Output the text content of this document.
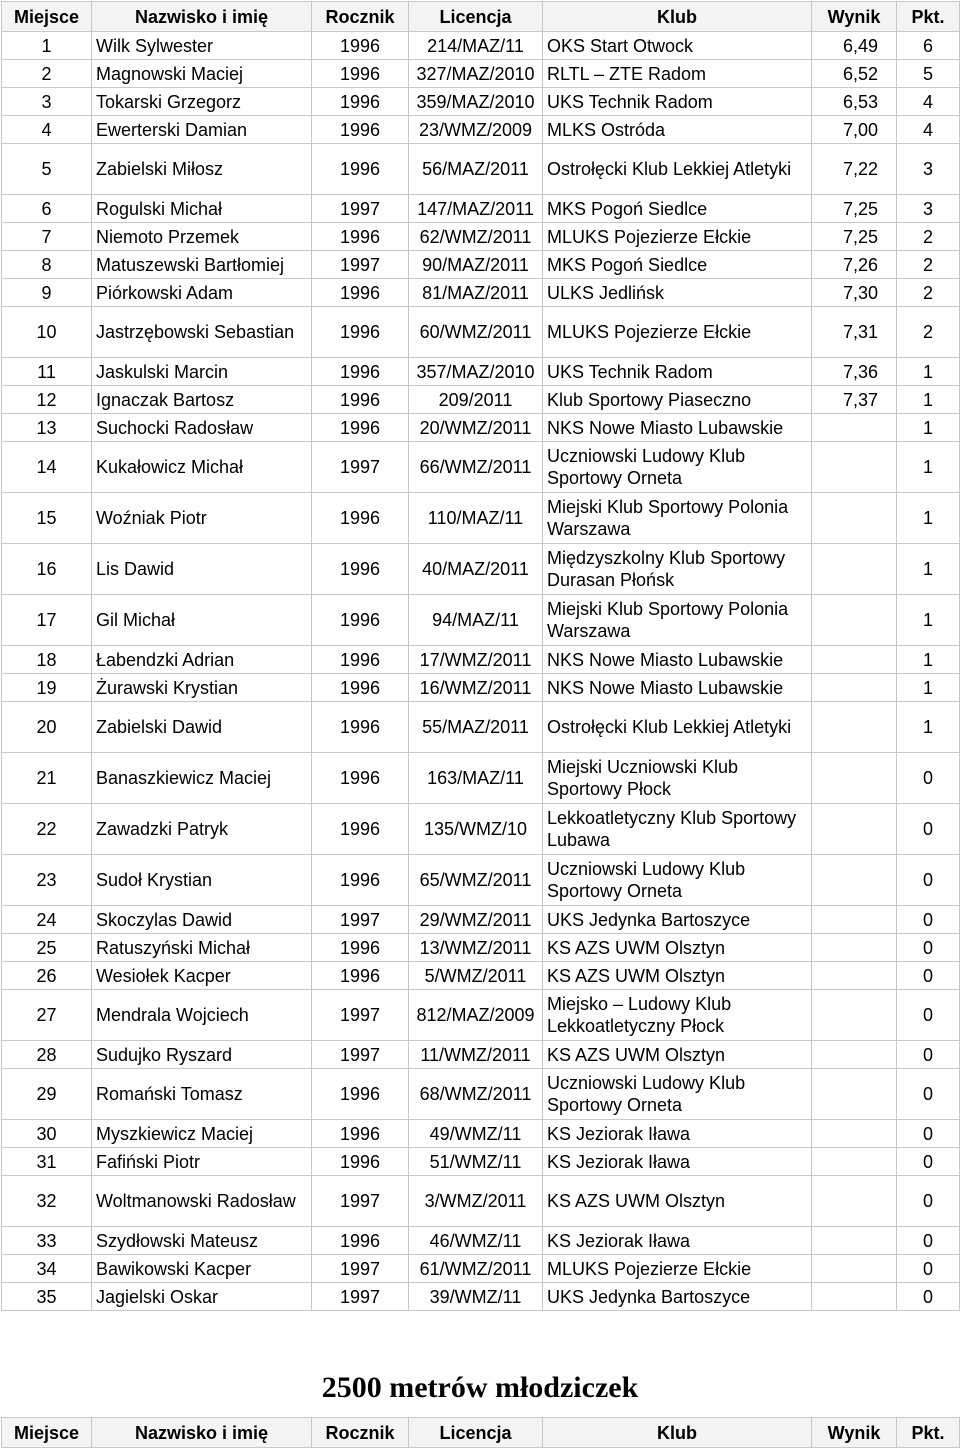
Miejsce	Nazwisko i imię	Rocznik	Licencja	Klub	Wynik	Pkt.
1	Wilk Sylwester	1996	214/MAZ/11	OKS Start Otwock	6,49	6
2	Magnowski Maciej	1996	327/MAZ/2010	RLTL – ZTE Radom	6,52	5
3	Tokarski Grzegorz	1996	359/MAZ/2010	UKS Technik Radom	6,53	4
4	Ewerterski Damian	1996	23/WMZ/2009	MLKS Ostróda	7,00	4
5	Zabielski Miłosz	1996	56/MAZ/2011	Ostrołęcki Klub Lekkiej Atletyki	7,22	3
6	Rogulski Michał	1997	147/MAZ/2011	MKS Pogoń Siedlce	7,25	3
7	Niemoto Przemek	1996	62/WMZ/2011	MLUKS Pojezierze Ełckie	7,25	2
8	Matuszewski Bartłomiej	1997	90/MAZ/2011	MKS Pogoń Siedlce	7,26	2
9	Piórkowski Adam	1996	81/MAZ/2011	ULKS Jedlińsk	7,30	2
10	Jastrzębowski Sebastian	1996	60/WMZ/2011	MLUKS Pojezierze Ełckie	7,31	2
11	Jaskulski Marcin	1996	357/MAZ/2010	UKS Technik Radom	7,36	1
12	Ignaczak Bartosz	1996	209/2011	Klub Sportowy Piaseczno	7,37	1
13	Suchocki Radosław	1996	20/WMZ/2011	NKS Nowe Miasto Lubawskie		1
14	Kukałowicz Michał	1997	66/WMZ/2011	Uczniowski Ludowy Klub Sportowy Orneta		1
15	Woźniak Piotr	1996	110/MAZ/11	Miejski Klub Sportowy Polonia Warszawa		1
16	Lis Dawid	1996	40/MAZ/2011	Międzyszkolny Klub Sportowy Durasan Płońsk		1
17	Gil Michał	1996	94/MAZ/11	Miejski Klub Sportowy Polonia Warszawa		1
18	Łabendzki Adrian	1996	17/WMZ/2011	NKS Nowe Miasto Lubawskie		1
19	Żurawski Krystian	1996	16/WMZ/2011	NKS Nowe Miasto Lubawskie		1
20	Zabielski Dawid	1996	55/MAZ/2011	Ostrołęcki Klub Lekkiej Atletyki		1
21	Banaszkiewicz Maciej	1996	163/MAZ/11	Miejski Uczniowski Klub Sportowy Płock		0
22	Zawadzki Patryk	1996	135/WMZ/10	Lekkoatletyczny Klub Sportowy Lubawa		0
23	Sudoł Krystian	1996	65/WMZ/2011	Uczniowski Ludowy Klub Sportowy Orneta		0
24	Skoczylas Dawid	1997	29/WMZ/2011	UKS Jedynka Bartoszyce		0
25	Ratuszyński Michał	1996	13/WMZ/2011	KS AZS UWM Olsztyn		0
26	Wesiołek Kacper	1996	5/WMZ/2011	KS AZS UWM Olsztyn		0
27	Mendrala Wojciech	1997	812/MAZ/2009	Miejsko – Ludowy Klub Lekkoatletyczny Płock		0
28	Sudujko Ryszard	1997	11/WMZ/2011	KS AZS UWM Olsztyn		0
29	Romański Tomasz	1996	68/WMZ/2011	Uczniowski Ludowy Klub Sportowy Orneta		0
30	Myszkiewicz Maciej	1996	49/WMZ/11	KS Jeziorak Iława		0
31	Fafiński Piotr	1996	51/WMZ/11	KS Jeziorak Iława		0
32	Woltmanowski Radosław	1997	3/WMZ/2011	KS AZS UWM Olsztyn		0
33	Szydłowski Mateusz	1996	46/WMZ/11	KS Jeziorak Iława		0
34	Bawikowski Kacper	1997	61/WMZ/2011	MLUKS Pojezierze Ełckie		0
35	Jagielski Oskar	1997	39/WMZ/11	UKS Jedynka Bartoszyce		0
2500 metrów młodziczek
Miejsce	Nazwisko i imię	Rocznik	Licencja	Klub	Wynik	Pkt.
